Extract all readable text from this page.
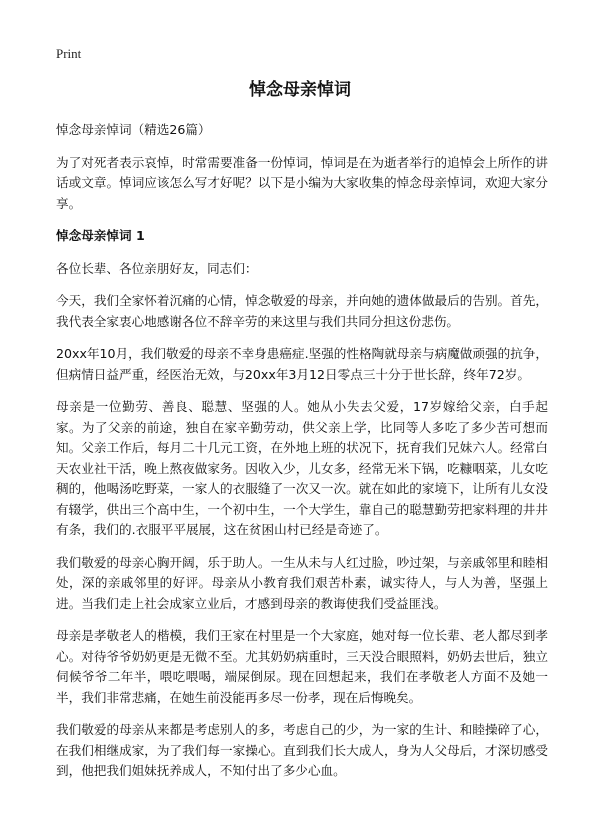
Print
悼念母亲悼词

悼念母亲悼词（精选26篇）

为了对死者表示哀悼，时常需要准备一份悼词，悼词是在为逝者举行的追悼会上所作的讲话或文章。悼词应该怎么写才好呢？以下是小编为大家收集的悼念母亲悼词，欢迎大家分享。

悼念母亲悼词 1

各位长辈、各位亲朋好友，同志们：

今天，我们全家怀着沉痛的心情，悼念敬爱的母亲，并向她的遗体做最后的告别。首先，我代表全家衷心地感谢各位不辞辛劳的来这里与我们共同分担这份悲伤。

20xx年10月，我们敬爱的母亲不幸身患癌症.坚强的性格陶就母亲与病魔做顽强的抗争，但病情日益严重，经医治无效，与20xx年3月12日零点三十分于世长辞，终年72岁。

母亲是一位勤劳、善良、聪慧、坚强的人。她从小失去父爱，17岁嫁给父亲，白手起家。为了父亲的前途，独自在家辛勤劳动，供父亲上学，比同等人多吃了多少苦可想而知。父亲工作后，每月二十几元工资，在外地上班的状况下，抚育我们兄妹六人。经常白天农业社干活，晚上熬夜做家务。因收入少，儿女多，经常无米下锅，吃糠咽菜，儿女吃稠的，他喝汤吃野菜，一家人的衣服缝了一次又一次。就在如此的家境下，让所有儿女没有辍学，供出三个高中生，一个初中生，一个大学生，靠自己的聪慧勤劳把家料理的井井有条，我们的.衣服平平展展，这在贫困山村已经是奇迹了。

我们敬爱的母亲心胸开阔，乐于助人。一生从未与人红过脸，吵过架，与亲戚邻里和睦相处，深的亲戚邻里的好评。母亲从小教育我们艰苦朴素，诚实待人，与人为善，坚强上进。当我们走上社会成家立业后，才感到母亲的教诲使我们受益匪浅。

母亲是孝敬老人的楷模，我们王家在村里是一个大家庭，她对每一位长辈、老人都尽到孝心。对待爷爷奶奶更是无微不至。尤其奶奶病重时，三天没合眼照料，奶奶去世后，独立伺候爷爷二年半，喂吃喂喝，端屎倒尿。现在回想起来，我们在孝敬老人方面不及她一半，我们非常悲痛，在她生前没能再多尽一份孝，现在后悔晚矣。

我们敬爱的母亲从来都是考虑别人的多，考虑自己的少，为一家的生计、和睦操碎了心，在我们相继成家，为了我们每一家操心。直到我们长大成人，身为人父母后，才深切感受到，他把我们姐妹抚养成人，不知付出了多少心血。
